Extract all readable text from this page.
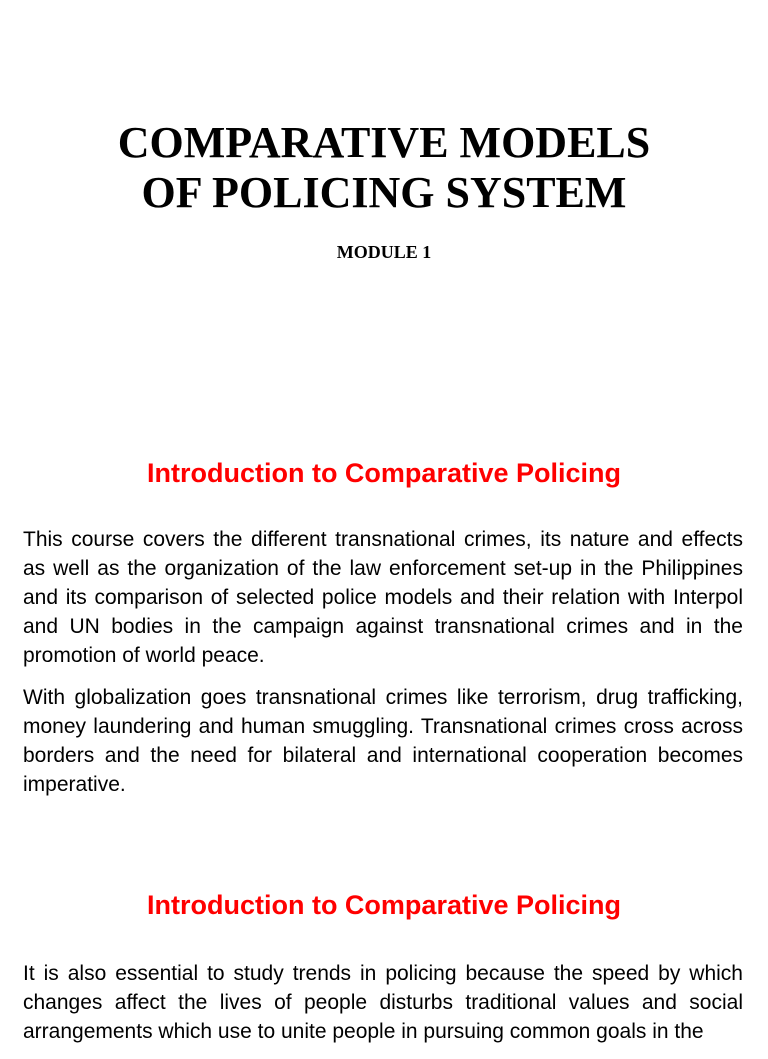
COMPARATIVE MODELS
OF POLICING SYSTEM
MODULE 1
Introduction to Comparative Policing

This course covers the different transnational crimes, its nature and effects as well as the organization of the law enforcement set-up in the Philippines and its comparison of selected police models and their relation with Interpol and UN bodies in the campaign against transnational crimes and in the promotion of world peace.

With globalization goes transnational crimes like terrorism, drug trafficking, money laundering and human smuggling. Transnational crimes cross across borders and the need for bilateral and international cooperation becomes imperative.

Introduction to Comparative Policing

It is also essential to study trends in policing because the speed by which changes affect the lives of people disturbs traditional values and social arrangements which use to unite people in pursuing common goals in the
